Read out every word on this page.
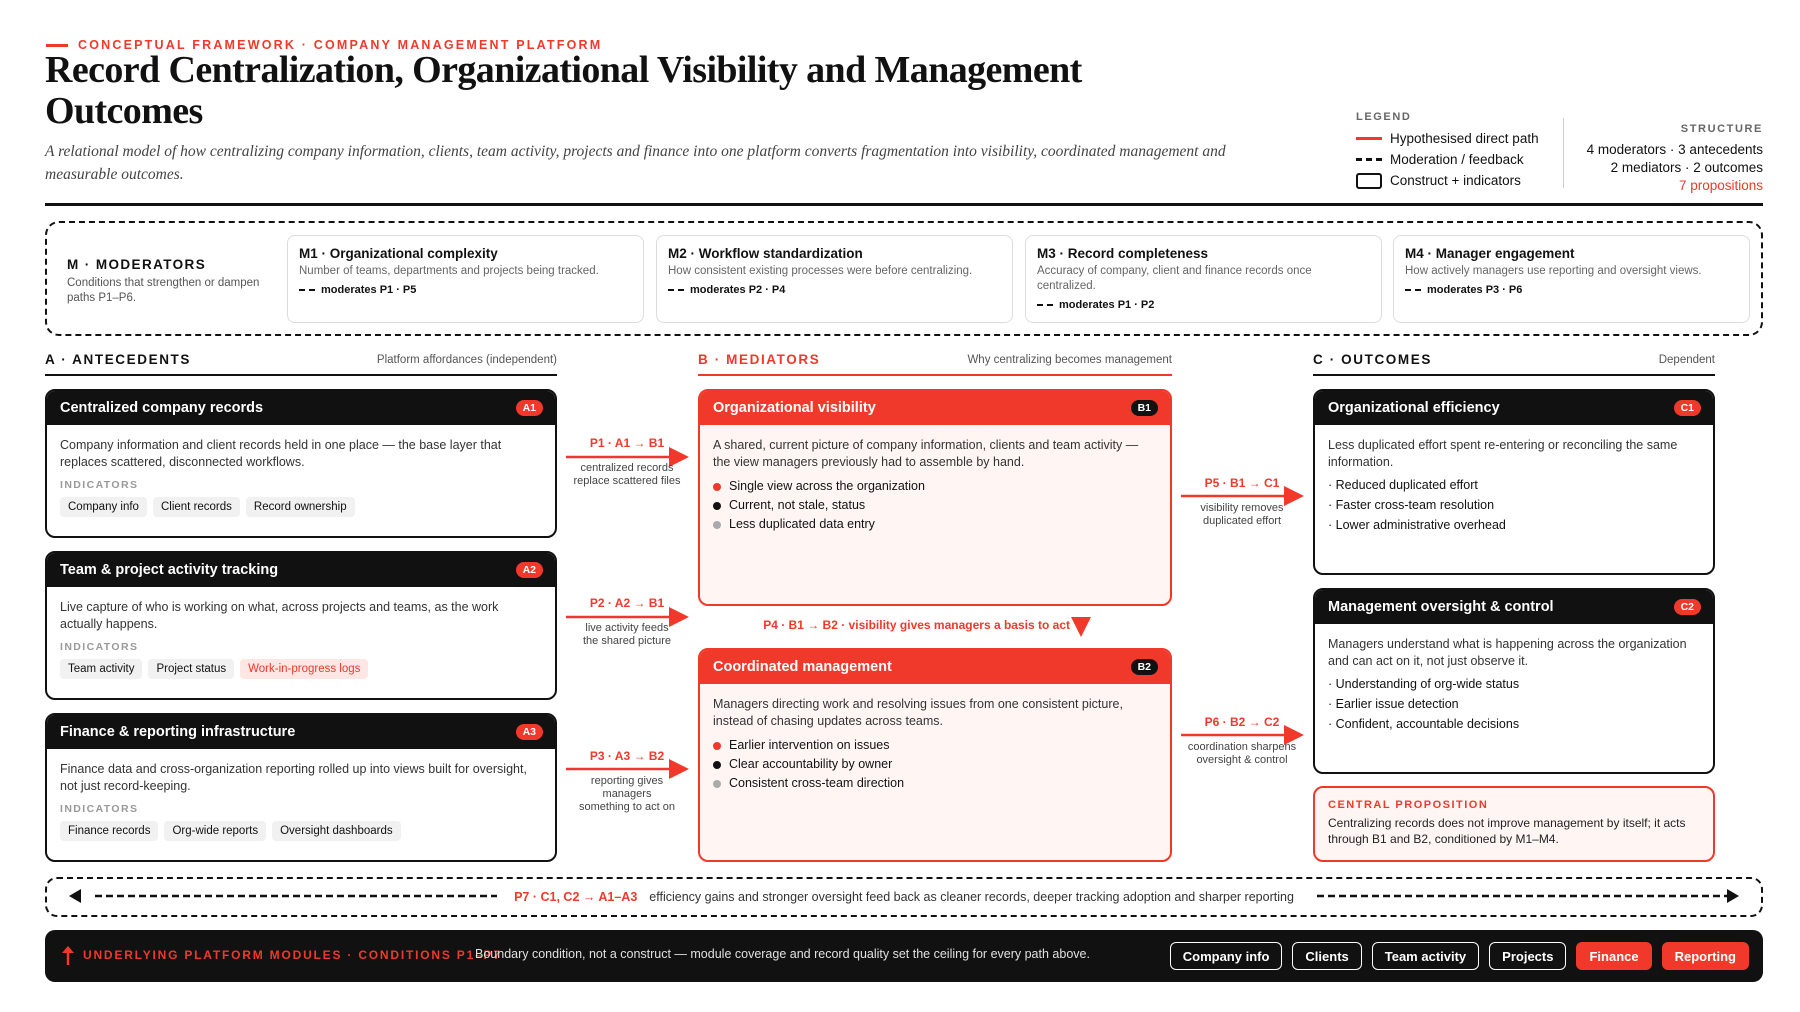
CONCEPTUAL FRAMEWORK · COMPANY MANAGEMENT PLATFORM
Record Centralization, Organizational Visibility and Management Outcomes
A relational model of how centralizing company information, clients, team activity, projects and finance into one platform converts fragmentation into visibility, coordinated management and measurable outcomes.
LEGEND
Hypothesised direct path
Moderation / feedback
Construct + indicators
STRUCTURE
4 moderators · 3 antecedents
2 mediators · 2 outcomes
7 propositions
M · MODERATORS
Conditions that strengthen or dampen paths P1–P6.
M1 · Organizational complexity
Number of teams, departments and projects being tracked.
moderates P1 · P5
M2 · Workflow standardization
How consistent existing processes were before centralizing.
moderates P2 · P4
M3 · Record completeness
Accuracy of company, client and finance records once centralized.
moderates P1 · P2
M4 · Manager engagement
How actively managers use reporting and oversight views.
moderates P3 · P6
A · ANTECEDENTS	Platform affordances (independent)	B · MEDIATORS	Why centralizing becomes management	C · OUTCOMES	Dependent
Centralized company records	A1
Company information and client records held in one place — the base layer that replaces scattered, disconnected workflows.
INDICATORS
Company info	Client records	Record ownership
Team & project activity tracking	A2
Live capture of who is working on what, across projects and teams, as the work actually happens.
INDICATORS
Team activity	Project status	Work-in-progress logs
Finance & reporting infrastructure	A3
Finance data and cross-organization reporting rolled up into views built for oversight, not just record-keeping.
INDICATORS
Finance records	Org-wide reports	Oversight dashboards
Organizational visibility	B1
A shared, current picture of company information, clients and team activity — the view managers previously had to assemble by hand.
Single view across the organization
Current, not stale, status
Less duplicated data entry
Coordinated management	B2
Managers directing work and resolving issues from one consistent picture, instead of chasing updates across teams.
Earlier intervention on issues
Clear accountability by owner
Consistent cross-team direction
Organizational efficiency	C1
Less duplicated effort spent re-entering or reconciling the same information.
· Reduced duplicated effort
· Faster cross-team resolution
· Lower administrative overhead
Management oversight & control	C2
Managers understand what is happening across the organization and can act on it, not just observe it.
· Understanding of org-wide status
· Earlier issue detection
· Confident, accountable decisions
CENTRAL PROPOSITION
Centralizing records does not improve management by itself; it acts through B1 and B2, conditioned by M1–M4.
P1 · A1 → B1
centralized records
replace scattered files
P2 · A2 → B1
live activity feeds
the shared picture
P3 · A3 → B2
reporting gives
managers
something to act on
P4 · B1 → B2 · visibility gives managers a basis to act
P5 · B1 → C1
visibility removes
duplicated effort
P6 · B2 → C2
coordination sharpens
oversight & control
P7 · C1, C2 → A1–A3 efficiency gains and stronger oversight feed back as cleaner records, deeper tracking adoption and sharper reporting
UNDERLYING PLATFORM MODULES · CONDITIONS P1–P7
Boundary condition, not a construct — module coverage and record quality set the ceiling for every path above.	Company info	Clients	Team activity	Projects	Finance	Reporting
